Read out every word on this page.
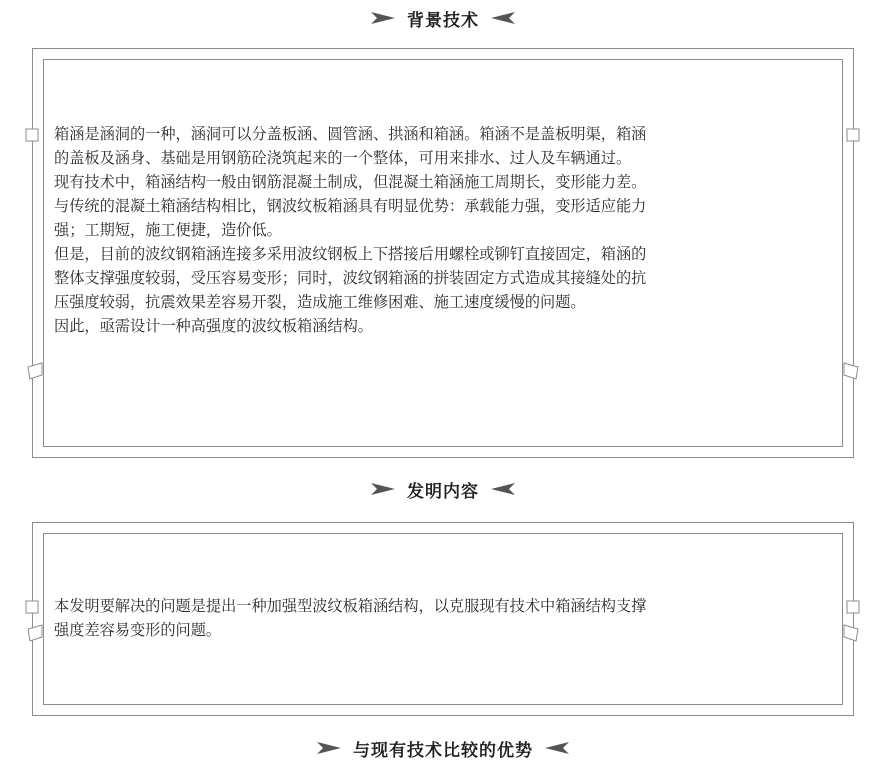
背景技术

箱涵是涵洞的一种，涵洞可以分盖板涵、圆管涵、拱涵和箱涵。箱涵不是盖板明渠，箱涵

的盖板及涵身、基础是用钢筋砼浇筑起来的一个整体，可用来排水、过人及车辆通过。

现有技术中，箱涵结构一般由钢筋混凝土制成，但混凝土箱涵施工周期长，变形能力差。

与传统的混凝土箱涵结构相比，钢波纹板箱涵具有明显优势：承载能力强，变形适应能力

强；工期短，施工便捷，造价低。

但是，目前的波纹钢箱涵连接多采用波纹钢板上下搭接后用螺栓或铆钉直接固定，箱涵的

整体支撑强度较弱，受压容易变形；同时，波纹钢箱涵的拼装固定方式造成其接缝处的抗

压强度较弱，抗震效果差容易开裂，造成施工维修困难、施工速度缓慢的问题。

因此，亟需设计一种高强度的波纹板箱涵结构。

发明内容

本发明要解决的问题是提出一种加强型波纹板箱涵结构，以克服现有技术中箱涵结构支撑

强度差容易变形的问题。

与现有技术比较的优势
